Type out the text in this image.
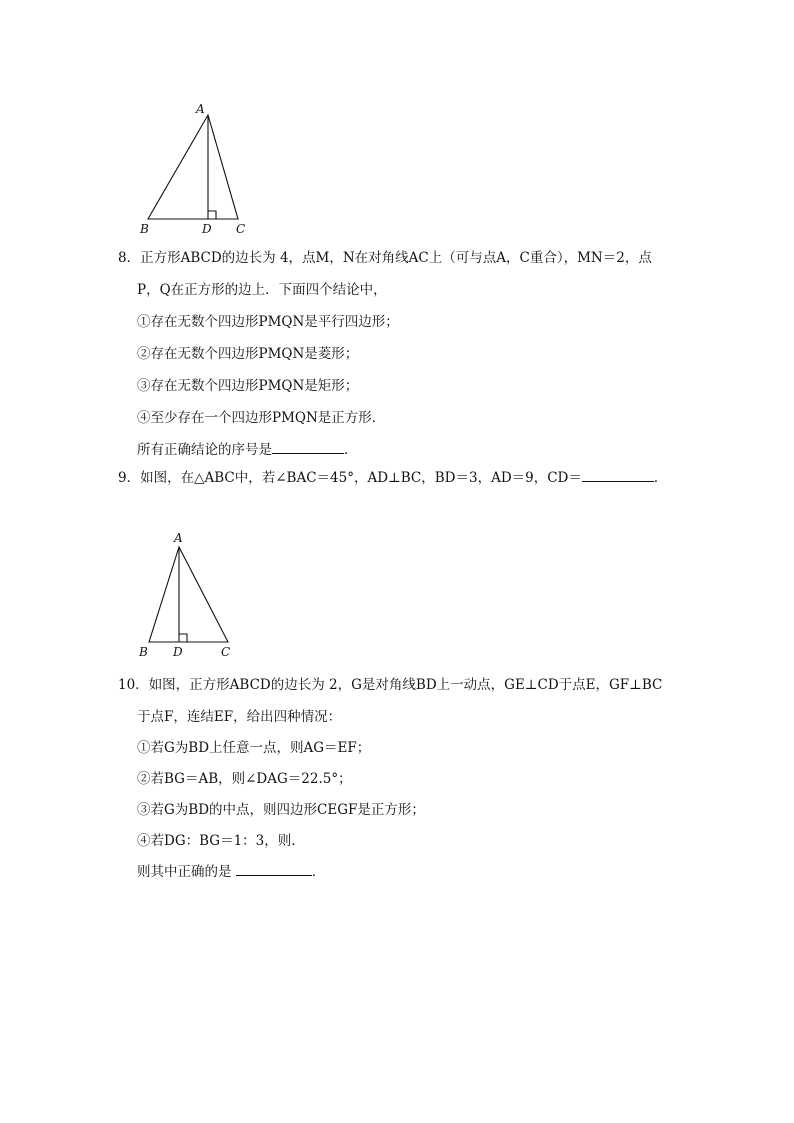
A
B	D C
8．正方形ABCD的边长为 4，点M，N在对角线AC上（可与点A，C重合），MN＝2，点
P，Q在正方形的边上．下面四个结论中，
①存在无数个四边形PMQN是平行四边形；
②存在无数个四边形PMQN是菱形；
③存在无数个四边形PMQN是矩形；
④至少存在一个四边形PMQN是正方形．
所有正确结论的序号是	．
9．如图，在△ABC中，若∠BAC＝45°，AD⊥BC，BD＝3，AD＝9，CD＝	．
A
B D	C
10．如图，正方形ABCD的边长为 2，G是对角线BD上一动点，GE⊥CD于点E，GF⊥BC
于点F，连结EF，给出四种情况：
①若G为BD上任意一点，则AG＝EF；
②若BG＝AB，则∠DAG＝22.5°；
③若G为BD的中点，则四边形CEGF是正方形；
④若DG：BG＝1：3，则.
则其中正确的是	．
